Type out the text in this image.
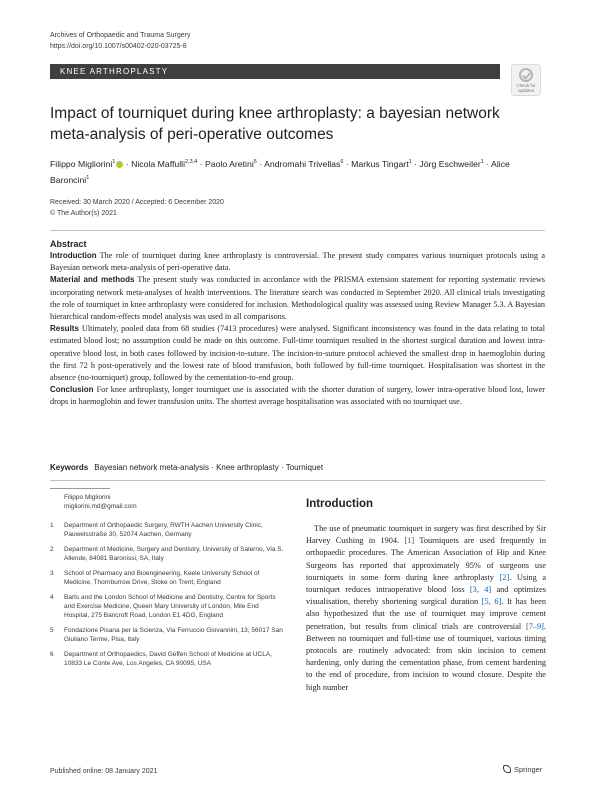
Archives of Orthopaedic and Trauma Surgery
https://doi.org/10.1007/s00402-020-03725-8
KNEE ARTHROPLASTY
Check for updates
Impact of tourniquet during knee arthroplasty: a bayesian network meta-analysis of peri-operative outcomes
Filippo Migliorini$^1$ · Nicola Maffulli$^{2,3,4}$ · Paolo Aretini$^5$ · Andromahi Trivellas$^6$ · Markus Tingart$^1$ · Jörg Eschweiler$^1$ · Alice Baroncini$^1$
Received: 30 March 2020 / Accepted: 6 December 2020
© The Author(s) 2021
Abstract

Introduction The role of tourniquet during knee arthroplasty is controversial. The present study compares various tourniquet protocols using a Bayesian network meta-analysis of peri-operative data.

Material and methods The present study was conducted in accordance with the PRISMA extension statement for reporting systematic reviews incorporating network meta-analyses of health interventions. The literature search was conducted in September 2020. All clinical trials investigating the role of tourniquet in knee arthroplasty were considered for inclusion. Methodological quality was assessed using Review Manager 5.3. A Bayesian hierarchical random-effects model analysis was used in all comparisons.

Results Ultimately, pooled data from 68 studies (7413 procedures) were analysed. Significant inconsistency was found in the data relating to total estimated blood lost; no assumption could be made on this outcome. Full-time tourniquet resulted in the shortest surgical duration and lowest intra-operative blood lost, in both cases followed by incision-to-suture. The incision-to-suture protocol achieved the smallest drop in haemoglobin during the first 72 h post-operatively and the lowest rate of blood transfusion, both followed by full-time tourniquet. Hospitalisation was shortest in the absence (no-tourniquet) group, followed by the cementation-to-end group.

Conclusion For knee arthroplasty, longer tourniquet use is associated with the shorter duration of surgery, lower intra-operative blood lost, lower drops in haemoglobin and fewer transfusion units. The shortest average hospitalisation was associated with no tourniquet use.

Keywords Bayesian network meta-analysis · Knee arthroplasty · Tourniquet
Filippo Migliorini
migliorini.md@gmail.com
1	Department of Orthopaedic Surgery, RWTH Aachen University Clinic, Pauwelsstraße 30, 52074 Aachen, Germany
2	Department of Medicine, Surgery and Dentistry, University of Salerno, Via S. Allende, 84081 Baronissi, SA, Italy
3	School of Pharmacy and Bioengineering, Keele University School of Medicine, Thornburrow Drive, Stoke on Trent, England
4	Barts and the London School of Medicine and Dentistry, Centre for Sports and Exercise Medicine, Queen Mary University of London, Mile End Hospital, 275 Bancroft Road, London E1 4DG, England
5	Fondazione Pisana per la Scienza, Via Ferruccio Giovannini, 13, 56017 San Giuliano Terme, Pisa, Italy
6	Department of Orthopaedics, David Geffen School of Medicine at UCLA, 10833 Le Conte Ave, Los Angeles, CA 90095, USA
Introduction
The use of pneumatic tourniquet in surgery was first described by Sir Harvey Cushing in 1904. [1] Tourniquets are used frequently in orthopaedic procedures. The American Association of Hip and Knee Surgeons has reported that approximately 95% of surgeons use tourniquets in some form during knee arthroplasty [2]. Using a tourniquet reduces intraoperative blood loss [3, 4] and optimizes visualisation, thereby shortening surgical duration [5, 6]. It has been also hypothesized that the use of tourniquet may improve cement penetration, but results from clinical trials are controversial [7–9]. Between no tourniquet and full-time use of tourniquet, various timing protocols are routinely advocated: from skin incision to cement hardening, only during the cementation phase, from cement hardening to the end of procedure, from incision to wound closure. Despite the high number
Published online: 08 January 2021	Springer
